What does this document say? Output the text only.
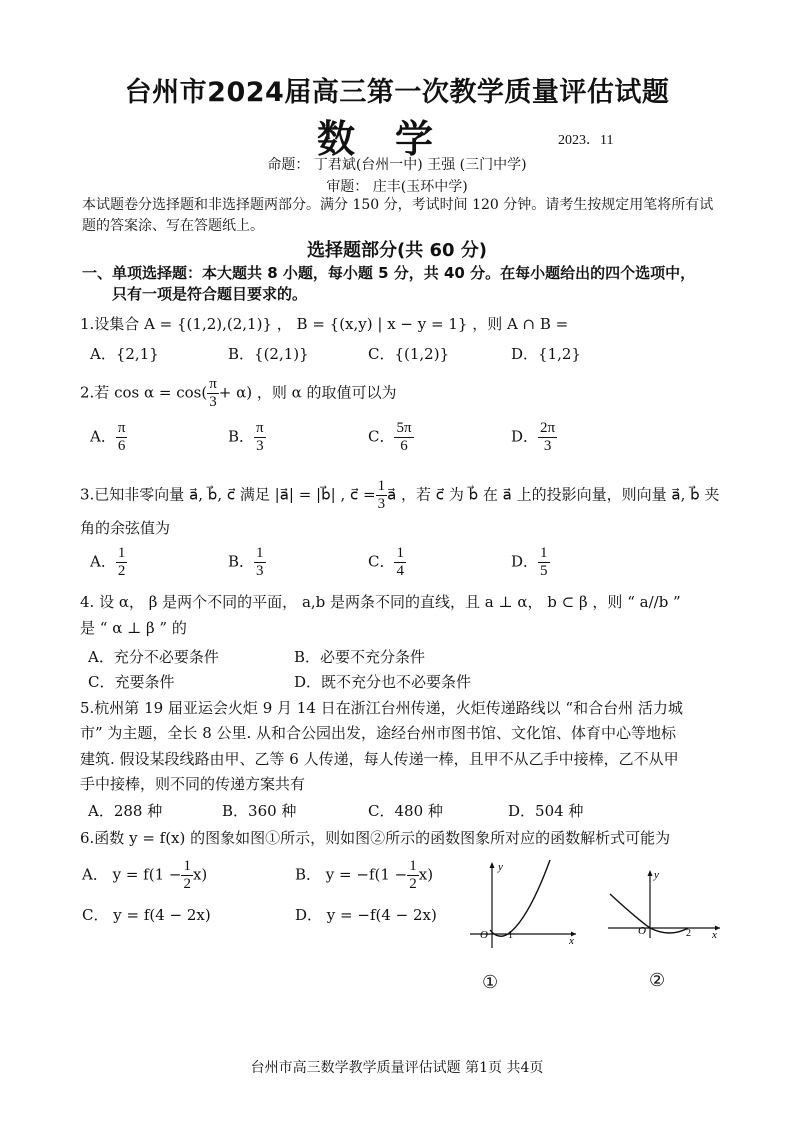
台州市2024届高三第一次教学质量评估试题
数学	2023．11
命题： 丁君斌(台州一中) 王强 (三门中学)
审题： 庄丰(玉环中学)
本试题卷分选择题和非选择题两部分。满分 150 分，考试时间 120 分钟。请考生按规定用笔将所有试题的答案涂、写在答题纸上。
选择题部分(共 60 分)
一、单项选择题：本大题共 8 小题，每小题 5 分，共 40 分。在每小题给出的四个选项中，
只有一项是符合题目要求的。
1.设集合 A = {(1,2),(2,1)} ， B = {(x,y) | x − y = 1} ，则 A ∩ B =
A．{2,1}	B．{(2,1)}	C．{(1,2)}	D．{1,2}
2.若 $\cos \alpha = \cos( \frac{\pi}{3} + \alpha)$ ，则 α 的取值可以为
A． $\frac{\pi}{6}$	B． $\frac{\pi}{3}$	C． $\frac{5\pi}{6}$	D． $\frac{2\pi}{3}$
3.已知非零向量 a⃗, b⃗, c⃗ 满足 |a⃗| = |b⃗| , c⃗ = $\frac{1}{3}$ a⃗ ，若 c⃗ 为 b⃗ 在 a⃗ 上的投影向量，则向量 a⃗, b⃗ 夹
角的余弦值为
A． $\frac{1}{2}$	B． $\frac{1}{3}$	C． $\frac{1}{4}$	D． $\frac{1}{5}$
4. 设 α， β 是两个不同的平面， a,b 是两条不同的直线，且 a ⊥ α， b ⊂ β ，则 “ a//b ”
是 “ α ⊥ β ” 的
A．充分不必要条件	B．必要不充分条件
C．充要条件	D．既不充分也不必要条件
5.杭州第 19 届亚运会火炬 9 月 14 日在浙江台州传递，火炬传递路线以 “和合台州 活力城
市” 为主题，全长 8 公里. 从和合公园出发，途经台州市图书馆、文化馆、体育中心等地标
建筑. 假设某段线路由甲、乙等 6 人传递，每人传递一棒，且甲不从乙手中接棒，乙不从甲
手中接棒，则不同的传递方案共有
A．288 种	B．360 种	C．480 种	D．504 种
6.函数 y = f(x) 的图象如图①所示，则如图②所示的函数图象所对应的函数解析式可能为
A． $y = f(1 - \frac{1}{2} x)$	B． $y = -f(1 - \frac{1}{2} x)$
C． y = f(4 − 2x)	D． y = −f(4 − 2x)
y
x
O 1
①
y
x
O	2
②
台州市高三数学教学质量评估试题 第1页 共4页
